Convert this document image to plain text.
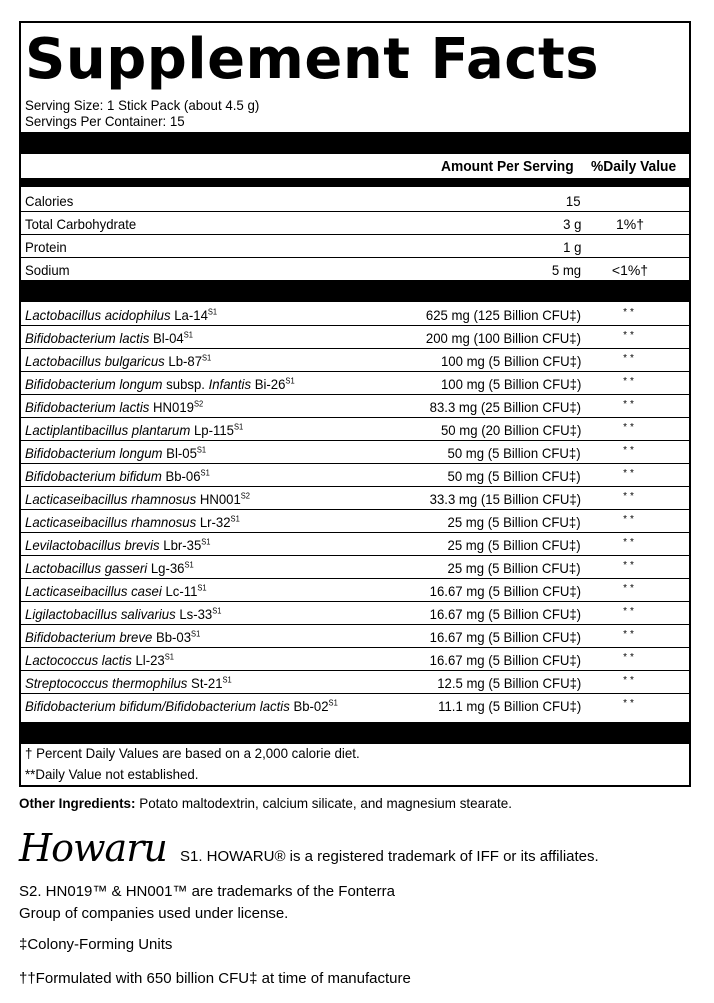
Supplement Facts
Serving Size: 1 Stick Pack (about 4.5 g)
Servings Per Container: 15
Amount Per Serving %Daily Value
Calories	15
Total Carbohydrate	3 g	1%†
Protein	1 g
Sodium	5 mg	<1%†
Lactobacillus acidophilus $La-14^{S1}$	625 mg (125 Billion CFU‡)	**
Bifidobacterium lactis $Bl-04^{S1}$	200 mg (100 Billion CFU‡)	**
Lactobacillus bulgaricus $Lb-87^{S1}$	100 mg (5 Billion CFU‡)	**
Bifidobacterium longum subsp. Infantis $Bi-26^{S1}$	100 mg (5 Billion CFU‡)	**
Bifidobacterium lactis $HN019^{S2}$	83.3 mg (25 Billion CFU‡)	**
Lactiplantibacillus plantarum $Lp-115^{S1}$	50 mg (20 Billion CFU‡)	**
Bifidobacterium longum $Bl-05^{S1}$	50 mg (5 Billion CFU‡)	**
Bifidobacterium bifidum $Bb-06^{S1}$	50 mg (5 Billion CFU‡)	**
Lacticaseibacillus rhamnosus $HN001^{S2}$	33.3 mg (15 Billion CFU‡)	**
Lacticaseibacillus rhamnosus $Lr-32^{S1}$	25 mg (5 Billion CFU‡)	**
Levilactobacillus brevis Lbr-$35^{S1}$	25 mg (5 Billion CFU‡)	**
Lactobacillus gasseri $Lg-36^{S1}$	25 mg (5 Billion CFU‡)	**
Lacticaseibacillus casei $Lc-11^{S1}$	16.67 mg (5 Billion CFU‡)	**
Ligilactobacillus salivarius $Ls-33^{S1}$	16.67 mg (5 Billion CFU‡)	**
Bifidobacterium breve $Bb-03^{S1}$	16.67 mg (5 Billion CFU‡)	**
Lactococcus lactis $Ll-23^{S1}$	16.67 mg (5 Billion CFU‡)	**
Streptococcus thermophilus $St-21^{S1}$	12.5 mg (5 Billion CFU‡)	**
Bifidobacterium bifidum/Bifidobacterium lactis $Bb-02^{S1}$	11.1 mg (5 Billion CFU‡)	**
† Percent Daily Values are based on a 2,000 calorie diet.
**Daily Value not established.
Other Ingredients: Potato maltodextrin, calcium silicate, and magnesium stearate.
Howaru S1. HOWARU® is a registered trademark of IFF or its affiliates.
S2. HN019™ & HN001™ are trademarks of the Fonterra
Group of companies used under license.
‡Colony-Forming Units
††Formulated with 650 billion CFU‡ at time of manufacture
